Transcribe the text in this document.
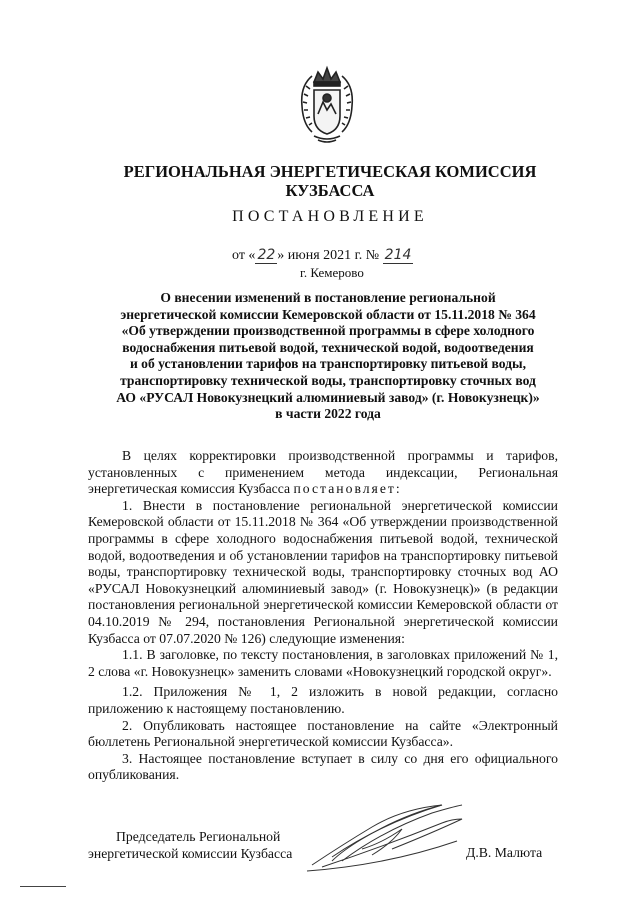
РЕГИОНАЛЬНАЯ ЭНЕРГЕТИЧЕСКАЯ КОМИССИЯ
КУЗБАССА
ПОСТАНОВЛЕНИЕ
от « 22 » июня 2021 г. № 214
г. Кемерово
О внесении изменений в постановление региональной
энергетической комиссии Кемеровской области от 15.11.2018 № 364
«Об утверждении производственной программы в сфере холодного
водоснабжения питьевой водой, технической водой, водоотведения
и об установлении тарифов на транспортировку питьевой воды,
транспортировку технической воды, транспортировку сточных вод
АО «РУСАЛ Новокузнецкий алюминиевый завод» (г. Новокузнецк)»
в части 2022 года

В целях корректировки производственной программы и тарифов, установленных с применением метода индексации, Региональная энергетическая комиссия Кузбасса постановляет:

1. Внести в постановление региональной энергетической комиссии Кемеровской области от 15.11.2018 № 364 «Об утверждении производственной программы в сфере холодного водоснабжения питьевой водой, технической водой, водоотведения и об установлении тарифов на транспортировку питьевой воды, транспортировку технической воды, транспортировку сточных вод АО «РУСАЛ Новокузнецкий алюминиевый завод» (г. Новокузнецк)» (в редакции постановления региональной энергетической комиссии Кемеровской области от 04.10.2019 № 294, постановления Региональной энергетической комиссии Кузбасса от 07.07.2020 № 126) следующие изменения:

1.1. В заголовке, по тексту постановления, в заголовках приложений № 1, 2 слова «г. Новокузнецк» заменить словами «Новокузнецкий городской округ».

1.2. Приложения № 1, 2 изложить в новой редакции, согласно приложению к настоящему постановлению.

2. Опубликовать настоящее постановление на сайте «Электронный бюллетень Региональной энергетической комиссии Кузбасса».

3. Настоящее постановление вступает в силу со дня его официального опубликования.

Председатель Региональной
энергетической комиссии Кузбасса	Д.В. Малюта
